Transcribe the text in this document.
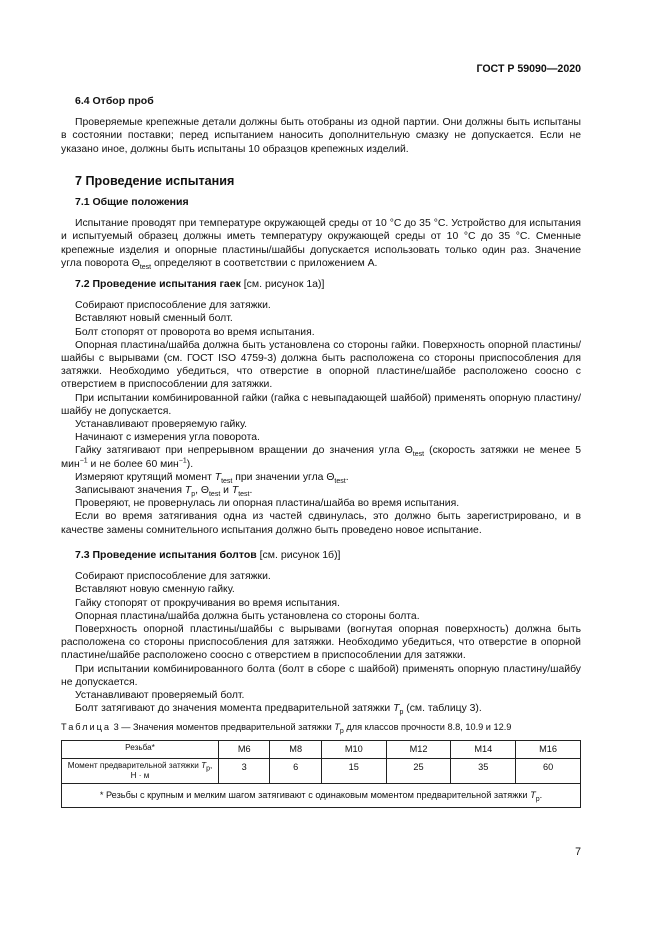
ГОСТ Р 59090—2020
6.4 Отбор проб

Проверяемые крепежные детали должны быть отобраны из одной партии. Они должны быть испытаны в состоянии поставки; перед испытанием наносить дополнительную смазку не допускается. Если не указано иное, должны быть испытаны 10 образцов крепежных изделий.

7 Проведение испытания
7.1 Общие положения

Испытание проводят при температуре окружающей среды от 10 °С до 35 °С. Устройство для испытания и испытуемый образец должны иметь температуру окружающей среды от 10 °С до 35 °С. Сменные крепежные изделия и опорные пластины/шайбы допускается использовать только один раз. Значение угла поворота $\Theta_{test}$ определяют в соответствии с приложением А.

7.2 Проведение испытания гаек [см. рисунок 1а)]

Собирают приспособление для затяжки.

Вставляют новый сменный болт.

Болт стопорят от проворота во время испытания.

Опорная пластина/шайба должна быть установлена со стороны гайки. Поверхность опорной пластины/шайбы с вырывами (см. ГОСТ ISO 4759-3) должна быть расположена со стороны приспособления для затяжки. Необходимо убедиться, что отверстие в опорной пластине/шайбе расположено соосно с отверстием в приспособлении для затяжки.

При испытании комбинированной гайки (гайка с невыпадающей шайбой) применять опорную пластину/шайбу не допускается.

Устанавливают проверяемую гайку.

Начинают с измерения угла поворота.

Гайку затягивают при непрерывном вращении до значения угла $\Theta_{test}$ (скорость затяжки не менее 5 мин$^{-1}$ и не более 60 мин$^{-1}$).

Измеряют крутящий момент $T_{test}$ при значении угла $\Theta_{test}$.

Записывают значения $T_p$, $\Theta_{test}$ и $T_{test}$.

Проверяют, не провернулась ли опорная пластина/шайба во время испытания.

Если во время затягивания одна из частей сдвинулась, это должно быть зарегистрировано, и в качестве замены сомнительного испытания должно быть проведено новое испытание.

7.3 Проведение испытания болтов [см. рисунок 1б)]

Собирают приспособление для затяжки.

Вставляют новую сменную гайку.

Гайку стопорят от прокручивания во время испытания.

Опорная пластина/шайба должна быть установлена со стороны болта.

Поверхность опорной пластины/шайбы с вырывами (вогнутая опорная поверхность) должна быть расположена со стороны приспособления для затяжки. Необходимо убедиться, что отверстие в опорной пластине/шайбе расположено соосно с отверстием в приспособлении для затяжки.

При испытании комбинированного болта (болт в сборе с шайбой) применять опорную пластину/шайбу не допускается.

Устанавливают проверяемый болт.

Болт затягивают до значения момента предварительной затяжки $T_p$ (см. таблицу 3).

Таблица 3 — Значения моментов предварительной затяжки $T_p$ для классов прочности 8.8, 10.9 и 12.9
Резьба*	М6	М8	М10	М12	М14	М16
Момент предварительной затяжки $T_p$, Н · м	3	6	15	25	35	60
* Резьбы с крупным и мелким шагом затягивают с одинаковым моментом предварительной затяжки $T_p$.						
7
